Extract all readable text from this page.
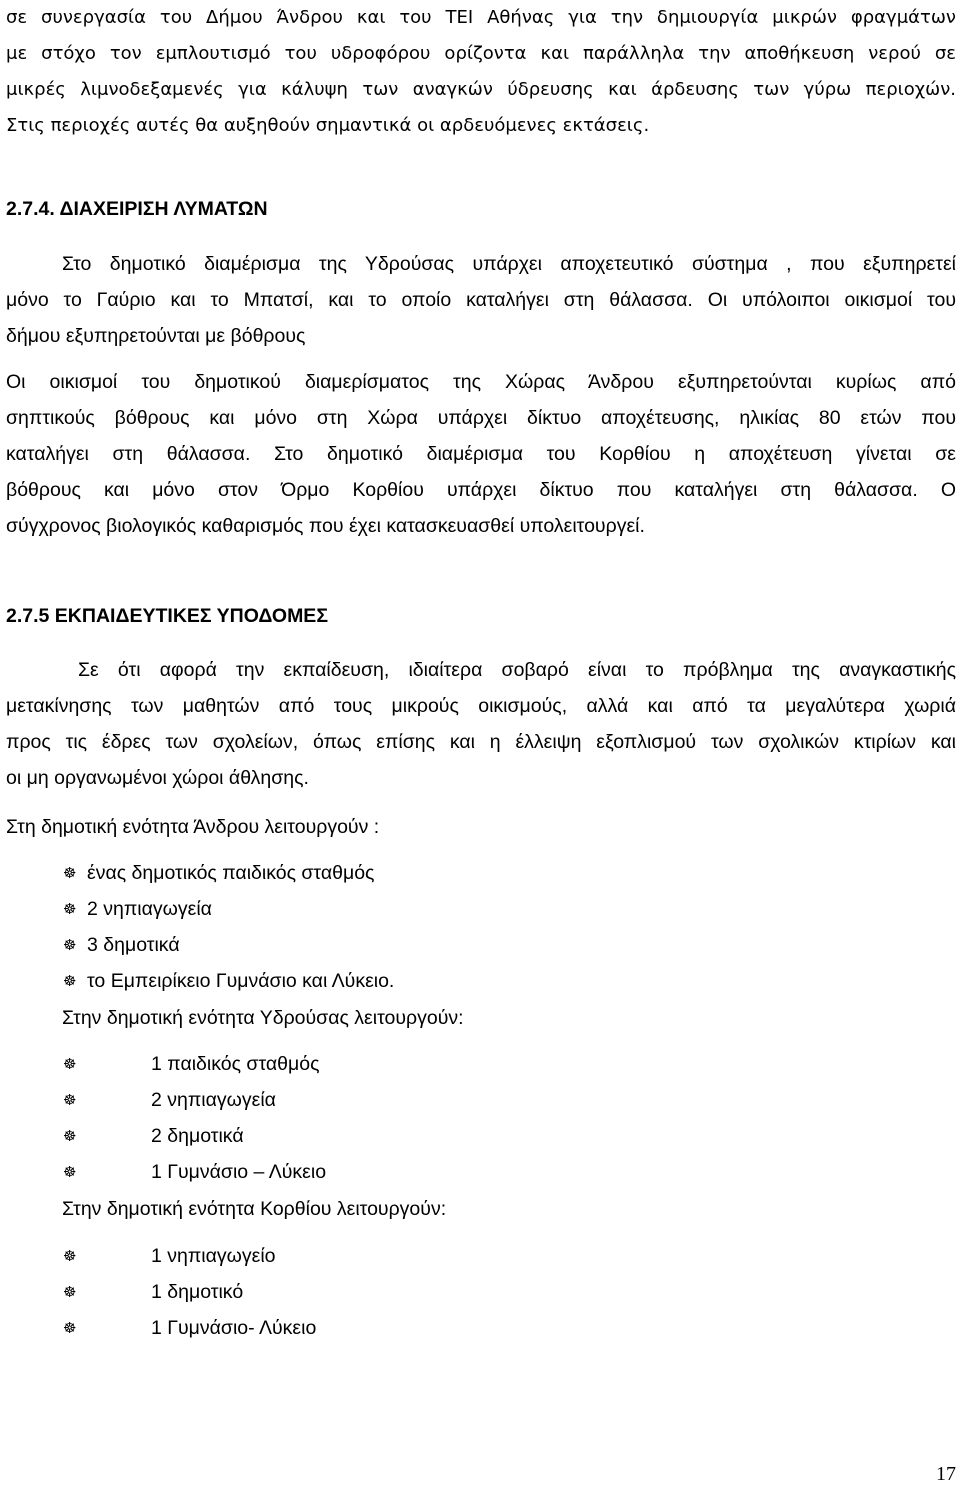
σε συνεργασία του Δήμου Άνδρου και του ΤΕΙ Αθήνας για την δημιουργία μικρών φραγμάτων
με στόχο τον εμπλουτισμό του υδροφόρου ορίζοντα και παράλληλα την αποθήκευση νερού σε
μικρές λιμνοδεξαμενές για κάλυψη των αναγκών ύδρευσης και άρδευσης των γύρω περιοχών.
Στις περιοχές αυτές θα αυξηθούν σημαντικά οι αρδευόμενες εκτάσεις.
2.7.4. ΔΙΑΧΕΙΡΙΣΗ ΛΥΜΑΤΩΝ
Στο δημοτικό διαμέρισμα της Υδρούσας υπάρχει αποχετευτικό σύστημα , που εξυπηρετεί
μόνο το Γαύριο και το Μπατσί, και το οποίο καταλήγει στη θάλασσα. Οι υπόλοιποι οικισμοί του
δήμου εξυπηρετούνται με βόθρους
Οι οικισμοί του δημοτικού διαμερίσματος της Χώρας Άνδρου εξυπηρετούνται κυρίως από
σηπτικούς βόθρους και μόνο στη Χώρα υπάρχει δίκτυο αποχέτευσης, ηλικίας 80 ετών που
καταλήγει στη θάλασσα. Στο δημοτικό διαμέρισμα του Κορθίου η αποχέτευση γίνεται σε
βόθρους και μόνο στον Όρμο Κορθίου υπάρχει δίκτυο που καταλήγει στη θάλασσα. Ο
σύγχρονος βιολογικός καθαρισμός που έχει κατασκευασθεί υπολειτουργεί.
2.7.5 ΕΚΠΑΙΔΕΥΤΙΚΕΣ ΥΠΟΔΟΜΕΣ
Σε ότι αφορά την εκπαίδευση, ιδιαίτερα σοβαρό είναι το πρόβλημα της αναγκαστικής
μετακίνησης των μαθητών από τους μικρούς οικισμούς, αλλά και από τα μεγαλύτερα χωριά
προς τις έδρες των σχολείων, όπως επίσης και η έλλειψη εξοπλισμού των σχολικών κτιρίων και
οι μη οργανωμένοι χώροι άθλησης.
Στη δημοτική ενότητα Άνδρου λειτουργούν :
☸ ένας δημοτικός παιδικός σταθμός
☸ 2 νηπιαγωγεία
☸ 3 δημοτικά
☸ το Εμπειρίκειο Γυμνάσιο και Λύκειο.
Στην δημοτική ενότητα Υδρούσας λειτουργούν:
☸	1 παιδικός σταθμός
☸	2 νηπιαγωγεία
☸	2 δημοτικά
☸	1 Γυμνάσιο – Λύκειο
Στην δημοτική ενότητα Κορθίου λειτουργούν:
☸	1 νηπιαγωγείο
☸	1 δημοτικό
☸	1 Γυμνάσιο- Λύκειο
17
